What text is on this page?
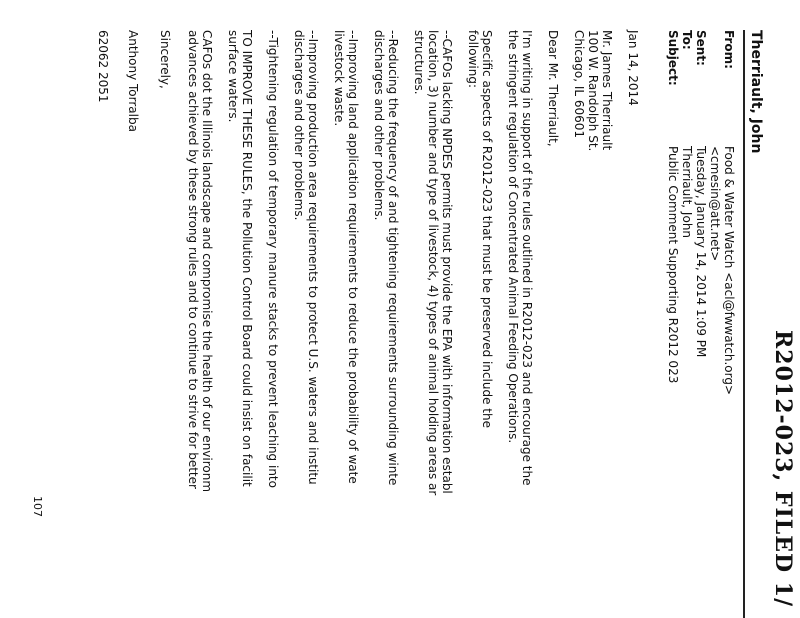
R2012-023, FILED 1/
Therriault, John
From:
Food & Water Watch <acl@fwwatch.org>
<cmesin@att.net>
Sent:
Tuesday, January 14, 2014 1:09 PM
To:
Therriault, John
Subject:
Public Comment Supporting R2012 023
Jan 14, 2014
Mr. James Therriault
100 W. Randolph St.
Chicago, IL 60601
Dear Mr. Therriault,
I'm writing in support of the rules outlined in R2012-023 and encourage the
the stringent regulation of Concentrated Animal Feeding Operations.
Specific aspects of R2012-023 that must be preserved include the
following:
--CAFOs lacking NPDES permits must provide the EPA with information establ
location, 3) number and type of livestock, 4) types of animal holding areas ar
structures.
--Reducing the frequency of and tightening requirements surrounding winte
discharges and other problems.
--Improving land application requirements to reduce the probability of wate
livestock waste.
--Improving production area requirements to protect U.S. waters and institu
discharges and other problems.
--Tightening regulation of temporary manure stacks to prevent leaching into
TO IMPROVE THESE RULES, the Pollution Control Board could insist on facilit
surface waters.
CAFOs dot the Illinois landscape and compromise the health of our environm
advances achieved by these strong rules and to continue to strive for better
Sincerely,
Anthony Torralba
62062 2051
107
